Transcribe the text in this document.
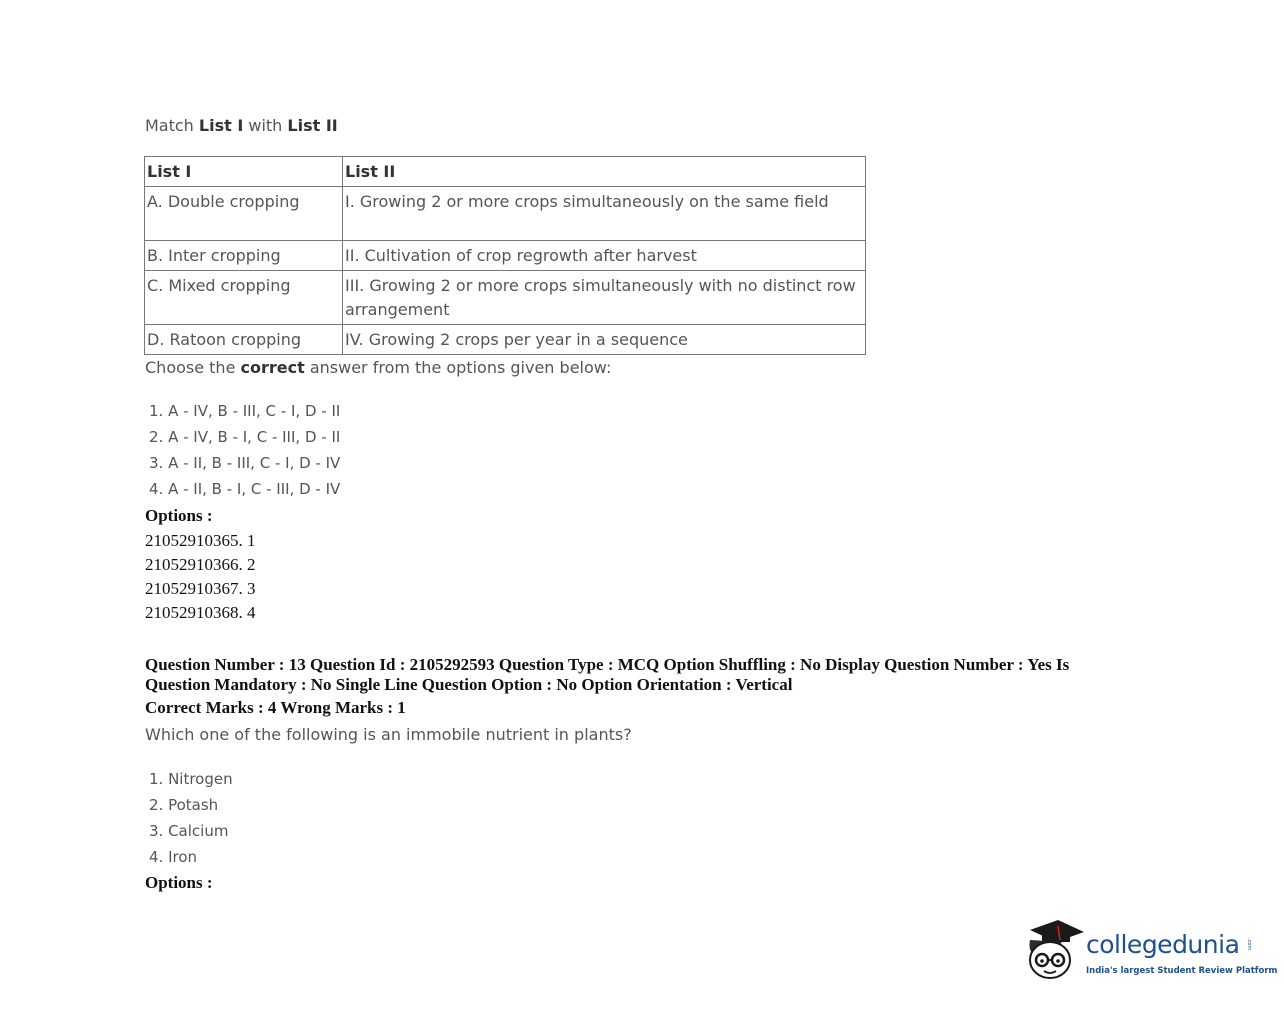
Match List I with List II
List I	List II
A. Double cropping	I. Growing 2 or more crops simultaneously on the same field
B. Inter cropping	II. Cultivation of crop regrowth after harvest
C. Mixed cropping	III. Growing 2 or more crops simultaneously with no distinct row arrangement
D. Ratoon cropping	IV. Growing 2 crops per year in a sequence
Choose the correct answer from the options given below:
1. A - IV, B - III, C - I, D - II
2. A - IV, B - I, C - III, D - II
3. A - II, B - III, C - I, D - IV
4. A - II, B - I, C - III, D - IV
Options :
21052910365. 1
21052910366. 2
21052910367. 3
21052910368. 4
Question Number : 13 Question Id : 2105292593 Question Type : MCQ Option Shuffling : No Display Question Number : Yes Is Question Mandatory : No Single Line Question Option : No Option Orientation : Vertical
Correct Marks : 4 Wrong Marks : 1
Which one of the following is an immobile nutrient in plants?
1. Nitrogen
2. Potash
3. Calcium
4. Iron
Options :
collegedunia .com
India's largest Student Review Platform
